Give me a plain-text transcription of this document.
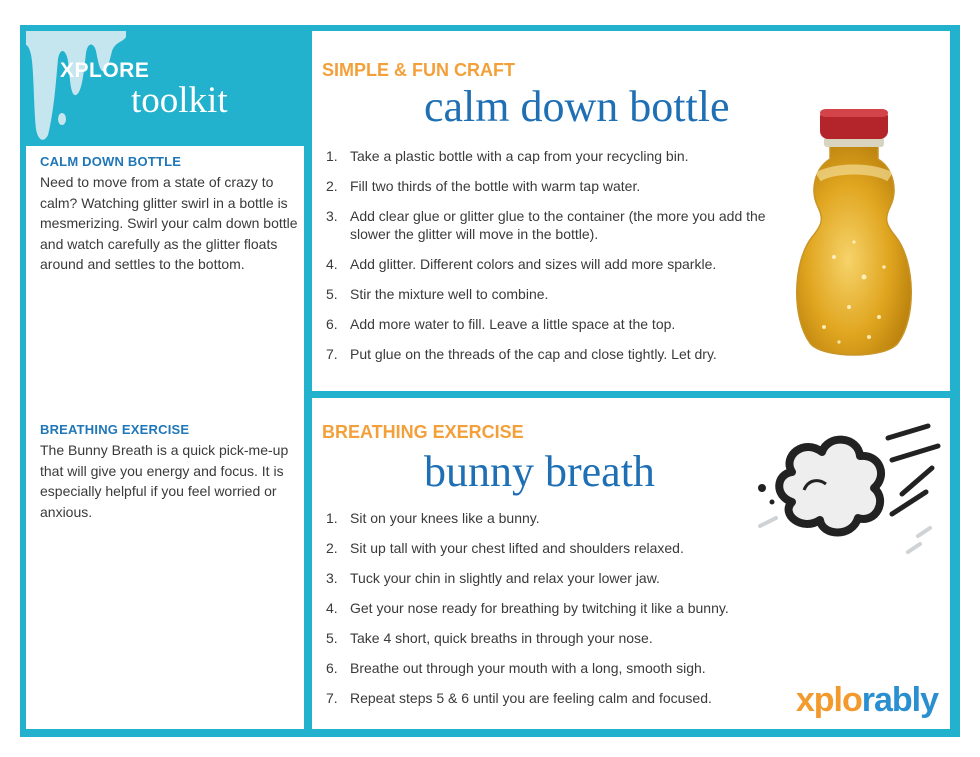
XPLORE
toolkit
CALM DOWN BOTTLE
Need to move from a state of crazy to calm? Watching glitter swirl in a bottle is mesmerizing. Swirl your calm down bottle and watch carefully as the glitter floats around and settles to the bottom.
BREATHING EXERCISE
The Bunny Breath is a quick pick-me-up that will give you energy and focus. It is especially helpful if you feel worried or anxious.
SIMPLE & FUN CRAFT
calm down bottle
1. Take a plastic bottle with a cap from your recycling bin.
2. Fill two thirds of the bottle with warm tap water.
3. Add clear glue or glitter glue to the container (the more you add the slower the glitter will move in the bottle).
4. Add glitter. Different colors and sizes will add more sparkle.
5. Stir the mixture well to combine.
6. Add more water to fill. Leave a little space at the top.
7. Put glue on the threads of the cap and close tightly. Let dry.
BREATHING EXERCISE
bunny breath
1. Sit on your knees like a bunny.
2. Sit up tall with your chest lifted and shoulders relaxed.
3. Tuck your chin in slightly and relax your lower jaw.
4. Get your nose ready for breathing by twitching it like a bunny.
5. Take 4 short, quick breaths in through your nose.
6. Breathe out through your mouth with a long, smooth sigh.
7. Repeat steps 5 & 6 until you are feeling calm and focused.	xplorably
